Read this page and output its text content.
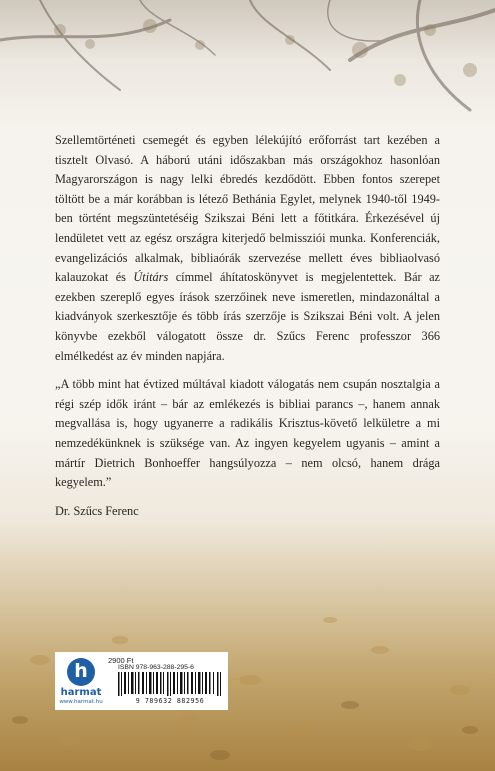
Szellemtörténeti csemegét és egyben lélekújító erőforrást tart kezében a tisztelt Olvasó. A háború utáni időszakban más országokhoz hasonlóan Magyarországon is nagy lelki ébredés kezdődött. Ebben fontos szerepet töltött be a már korábban is létező Bethánia Egylet, melynek 1940-től 1949-ben történt megszüntetéséig Szikszai Béni lett a főtitkára. Érkezésével új lendületet vett az egész országra kiterjedő belmissziói munka. Konferenciák, evangelizációs alkalmak, bibliaórák szervezése mellett éves bibliaolvasó kalauzokat és Útitárs címmel áhítatoskönyvet is megjelentettek. Bár az ezekben szereplő egyes írások szerzőinek neve ismeretlen, mindazonáltal a kiadványok szerkesztője és több írás szerzője is Szikszai Béni volt. A jelen könyvbe ezekből válogatott össze dr. Szűcs Ferenc professzor 366 elmélkedést az év minden napjára.

„A több mint hat évtized múltával kiadott válogatás nem csupán nosztalgia a régi szép idők iránt – bár az emlékezés is bibliai parancs –, hanem annak megvallása is, hogy ugyanerre a radikális Krisztus-követő lelkületre a mi nemzedékünknek is szüksége van. Az ingyen kegyelem ugyanis – amint a mártír Dietrich Bonhoeffer hangsúlyozza – nem olcsó, hanem drága kegyelem.”

Dr. Szűcs Ferenc

h
harmat
www.harmat.hu
2900 Ft
ISBN 978-963-288-295-6
9 789632 882956
